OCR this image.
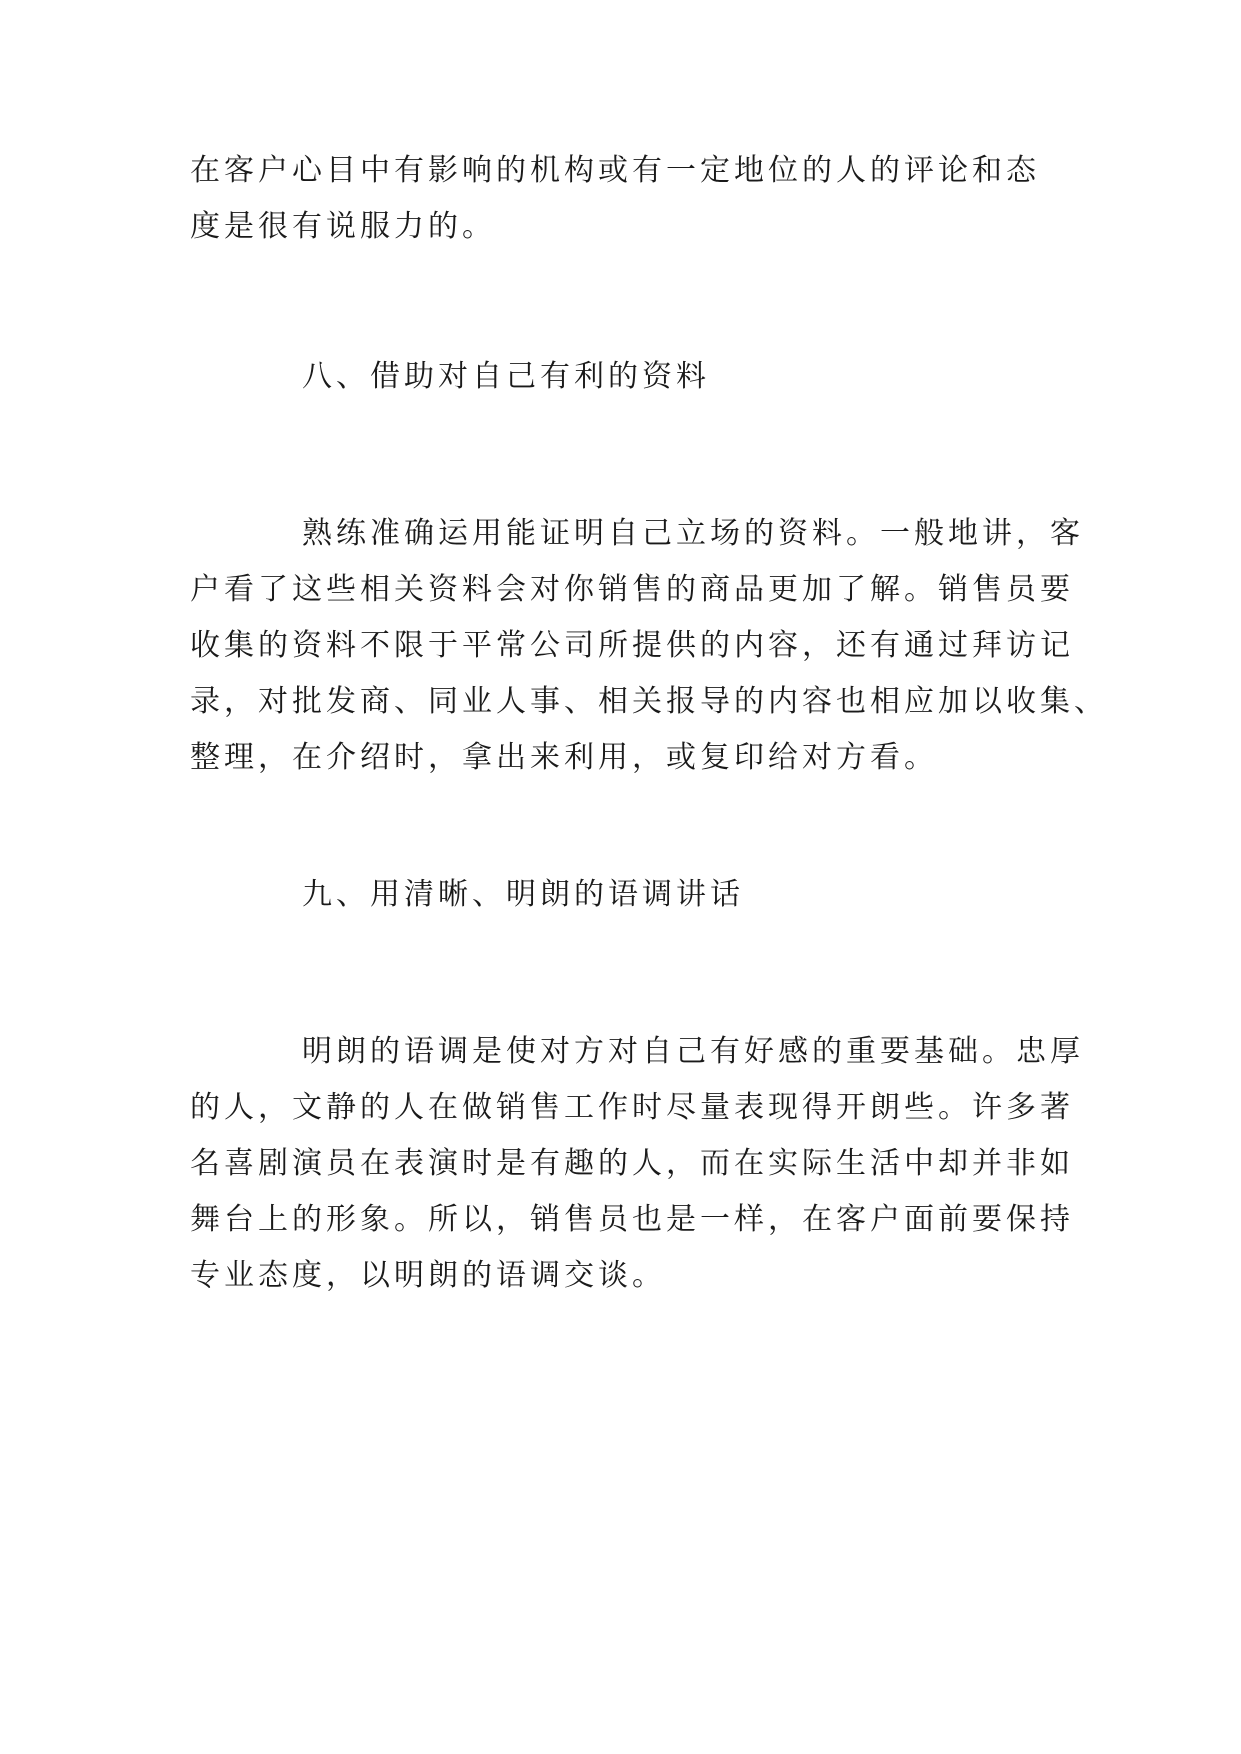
在客户心目中有影响的机构或有一定地位的人的评论和态
度是很有说服力的。

八、借助对自己有利的资料

熟练准确运用能证明自己立场的资料。一般地讲，客
户看了这些相关资料会对你销售的商品更加了解。销售员要
收集的资料不限于平常公司所提供的内容，还有通过拜访记
录，对批发商、同业人事、相关报导的内容也相应加以收集、
整理，在介绍时，拿出来利用，或复印给对方看。

九、用清晰、明朗的语调讲话

明朗的语调是使对方对自己有好感的重要基础。忠厚
的人，文静的人在做销售工作时尽量表现得开朗些。许多著
名喜剧演员在表演时是有趣的人，而在实际生活中却并非如
舞台上的形象。所以，销售员也是一样，在客户面前要保持
专业态度，以明朗的语调交谈。
